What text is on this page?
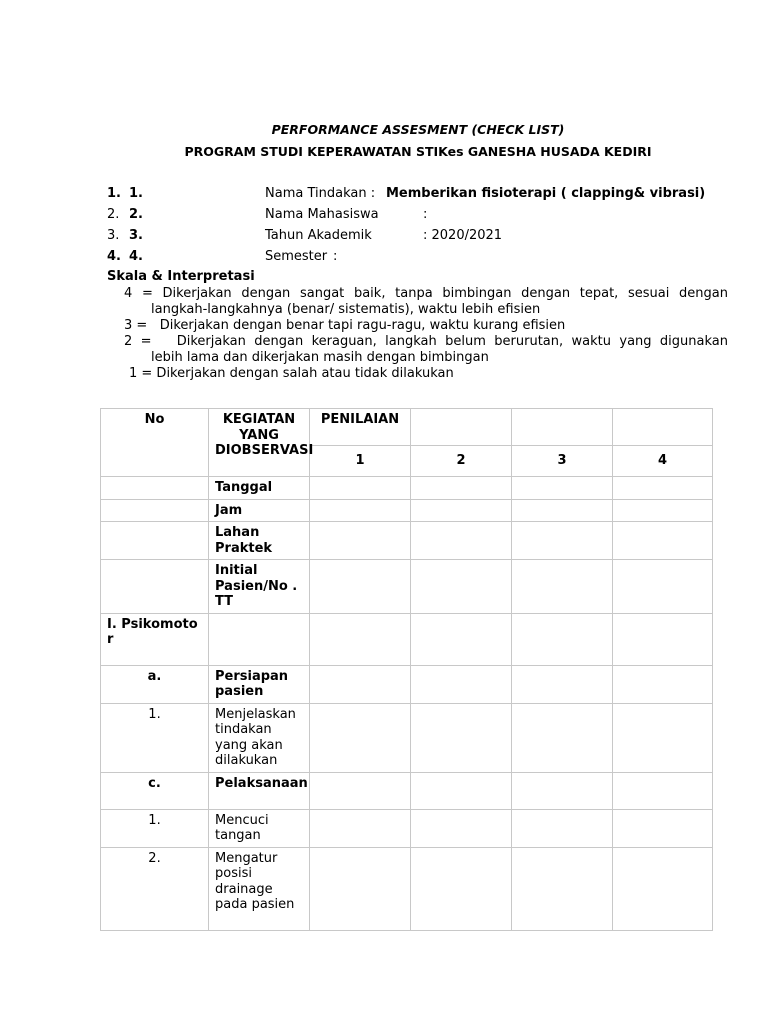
PERFORMANCE ASSESMENT (CHECK LIST)
PROGRAM STUDI KEPERAWATAN STIKes GANESHA HUSADA KEDIRI
1. 1.	Nama Tindakan : Memberikan fisioterapi ( clapping& vibrasi)
2. 2.	Nama Mahasiswa	:
3. 3.	Tahun Akademik	: 2020/2021
4. 4.	Semester :
Skala & Interpretasi
4 = Dikerjakan dengan sangat baik, tanpa bimbingan dengan tepat, sesuai dengan
langkah-langkahnya (benar/ sistematis), waktu lebih efisien
3 =   Dikerjakan dengan benar tapi ragu-ragu, waktu kurang efisien
2 =   Dikerjakan dengan keraguan, langkah belum berurutan, waktu yang digunakan
lebih lama dan dikerjakan masih dengan bimbingan
1 = Dikerjakan dengan salah atau tidak dilakukan
No	KEGIATAN YANG DIOBSERVASI	PENILAIAN			
		1	2	3	4
	Tanggal				
	Jam				
	Lahan Praktek				
	Initial Pasien/No . TT				
I. Psikomotor					
a.	Persiapan pasien				
1.	Menjelaskan tindakan yang akan dilakukan				
c.	Pelaksanaan				
1.	Mencuci tangan				
2.	Mengatur posisi drainage pada pasien				
